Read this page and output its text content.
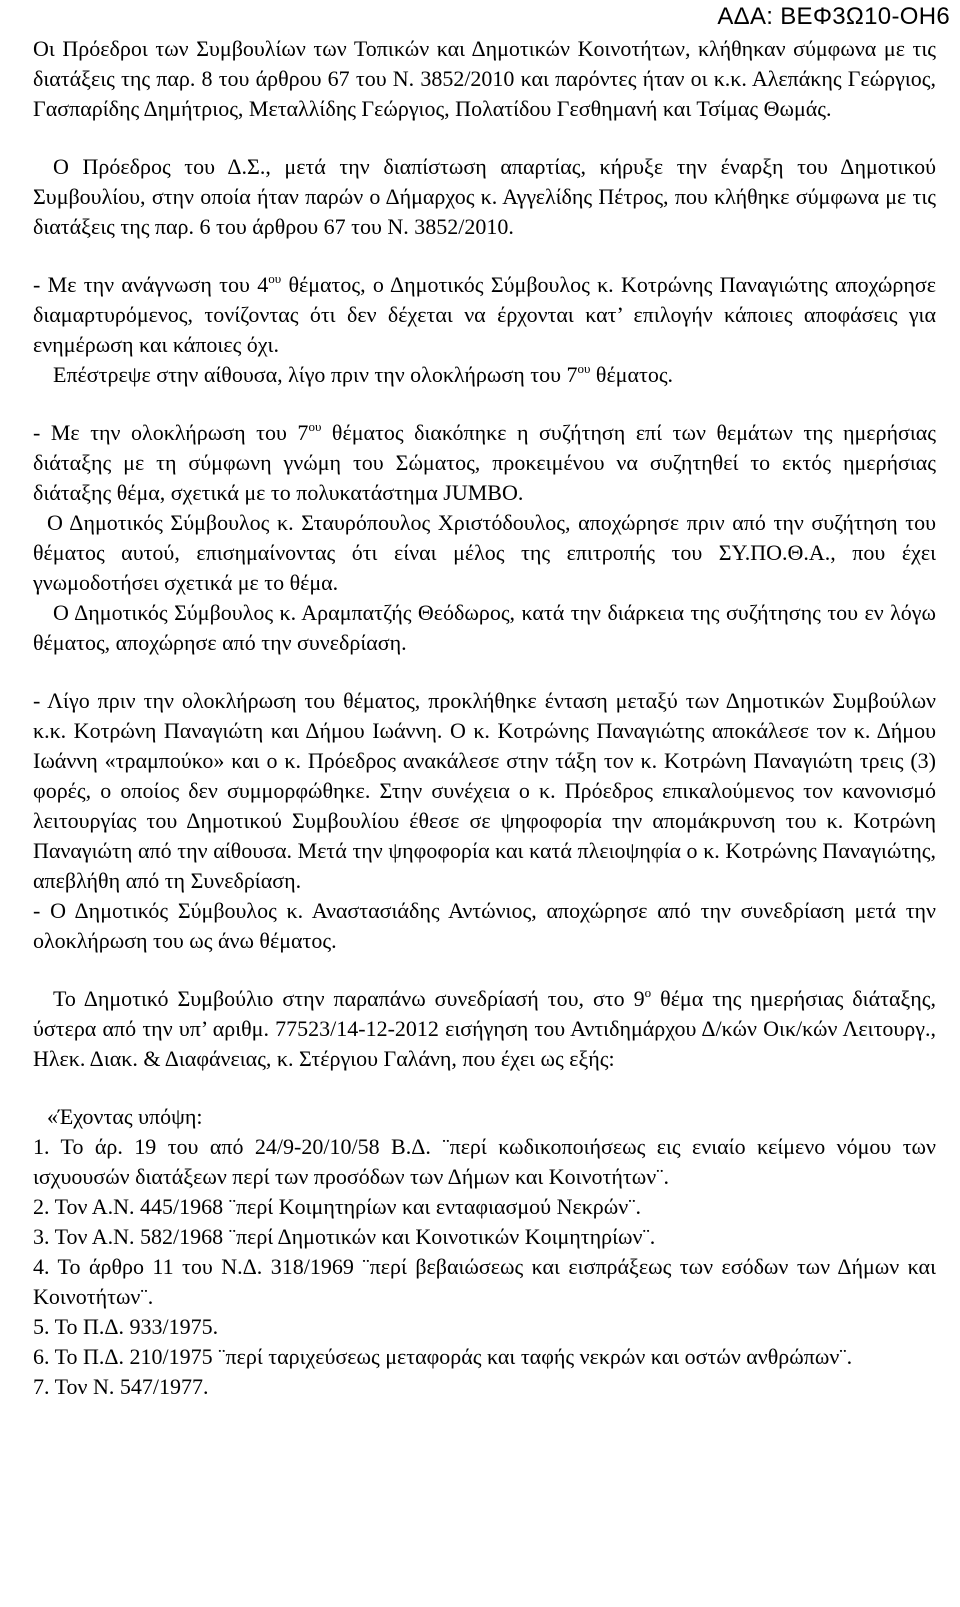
ΑΔΑ: ΒΕΦ3Ω10-ΟΗ6

Οι Πρόεδροι των Συμβουλίων των Τοπικών και Δημοτικών Κοινοτήτων, κλήθηκαν σύμφωνα με τις διατάξεις της παρ. 8 του άρθρου 67 του Ν. 3852/2010 και παρόντες ήταν οι κ.κ. Αλεπάκης Γεώργιος, Γασπαρίδης Δημήτριος, Μεταλλίδης Γεώργιος, Πολατίδου Γεσθημανή και Τσίμας Θωμάς.

Ο Πρόεδρος του Δ.Σ., μετά την διαπίστωση απαρτίας, κήρυξε την έναρξη του Δημοτικού Συμβουλίου, στην οποία ήταν παρών ο Δήμαρχος κ. Αγγελίδης Πέτρος, που κλήθηκε σύμφωνα με τις διατάξεις της παρ. 6 του άρθρου 67 του Ν. 3852/2010.

- Με την ανάγνωση του $4^{o\upsilon}$ θέματος, ο Δημοτικός Σύμβουλος κ. Κοτρώνης Παναγιώτης αποχώρησε διαμαρτυρόμενος, τονίζοντας ότι δεν δέχεται να έρχονται κατ’ επιλογήν κάποιες αποφάσεις για ενημέρωση και κάποιες όχι.

Επέστρεψε στην αίθουσα, λίγο πριν την ολοκλήρωση του $7^{o\upsilon}$ θέματος.

- Με την ολοκλήρωση του $7^{o\upsilon}$ θέματος διακόπηκε η συζήτηση επί των θεμάτων της ημερήσιας διάταξης με τη σύμφωνη γνώμη του Σώματος, προκειμένου να συζητηθεί το εκτός ημερήσιας διάταξης θέμα, σχετικά με το πολυκατάστημα JUMBO.

Ο Δημοτικός Σύμβουλος κ. Σταυρόπουλος Χριστόδουλος, αποχώρησε πριν από την συζήτηση του θέματος αυτού, επισημαίνοντας ότι είναι μέλος της επιτροπής του ΣΥ.ΠΟ.Θ.Α., που έχει γνωμοδοτήσει σχετικά με το θέμα.

Ο Δημοτικός Σύμβουλος κ. Αραμπατζής Θεόδωρος, κατά την διάρκεια της συζήτησης του εν λόγω θέματος, αποχώρησε από την συνεδρίαση.

- Λίγο πριν την ολοκλήρωση του θέματος, προκλήθηκε ένταση μεταξύ των Δημοτικών Συμβούλων κ.κ. Κοτρώνη Παναγιώτη και Δήμου Ιωάννη. Ο κ. Κοτρώνης Παναγιώτης αποκάλεσε τον κ. Δήμου Ιωάννη «τραμπούκο» και ο κ. Πρόεδρος ανακάλεσε στην τάξη τον κ. Κοτρώνη Παναγιώτη τρεις (3) φορές, ο οποίος δεν συμμορφώθηκε. Στην συνέχεια ο κ. Πρόεδρος επικαλούμενος τον κανονισμό λειτουργίας του Δημοτικού Συμβουλίου έθεσε σε ψηφοφορία την απομάκρυνση του κ. Κοτρώνη Παναγιώτη από την αίθουσα. Μετά την ψηφοφορία και κατά πλειοψηφία ο κ. Κοτρώνης Παναγιώτης, απεβλήθη από τη Συνεδρίαση.

- Ο Δημοτικός Σύμβουλος κ. Αναστασιάδης Αντώνιος, αποχώρησε από την συνεδρίαση μετά την ολοκλήρωση του ως άνω θέματος.

Το Δημοτικό Συμβούλιο στην παραπάνω συνεδρίασή του, στο $9^o$ θέμα της ημερήσιας διάταξης, ύστερα από την υπ’ αριθμ. 77523/14-12-2012 εισήγηση του Αντιδημάρχου Δ/κών Οικ/κών Λειτουργ., Ηλεκ. Διακ. & Διαφάνειας, κ. Στέργιου Γαλάνη, που έχει ως εξής:

«Έχοντας υπόψη:

1. Το άρ. 19 του από 24/9-20/10/58 Β.Δ. ¨περί κωδικοποιήσεως εις ενιαίο κείμενο νόμου των ισχυουσών διατάξεων περί των προσόδων των Δήμων και Κοινοτήτων¨.

2. Τον Α.Ν. 445/1968 ¨περί Κοιμητηρίων και ενταφιασμού Νεκρών¨.

3. Τον Α.Ν. 582/1968 ¨περί Δημοτικών και Κοινοτικών Κοιμητηρίων¨.

4. Το άρθρο 11 του Ν.Δ. 318/1969 ¨περί βεβαιώσεως και εισπράξεως των εσόδων των Δήμων και Κοινοτήτων¨.

5. Το Π.Δ. 933/1975.

6. Το Π.Δ. 210/1975 ¨περί ταριχεύσεως μεταφοράς και ταφής νεκρών και οστών ανθρώπων¨.

7. Τον Ν. 547/1977.
